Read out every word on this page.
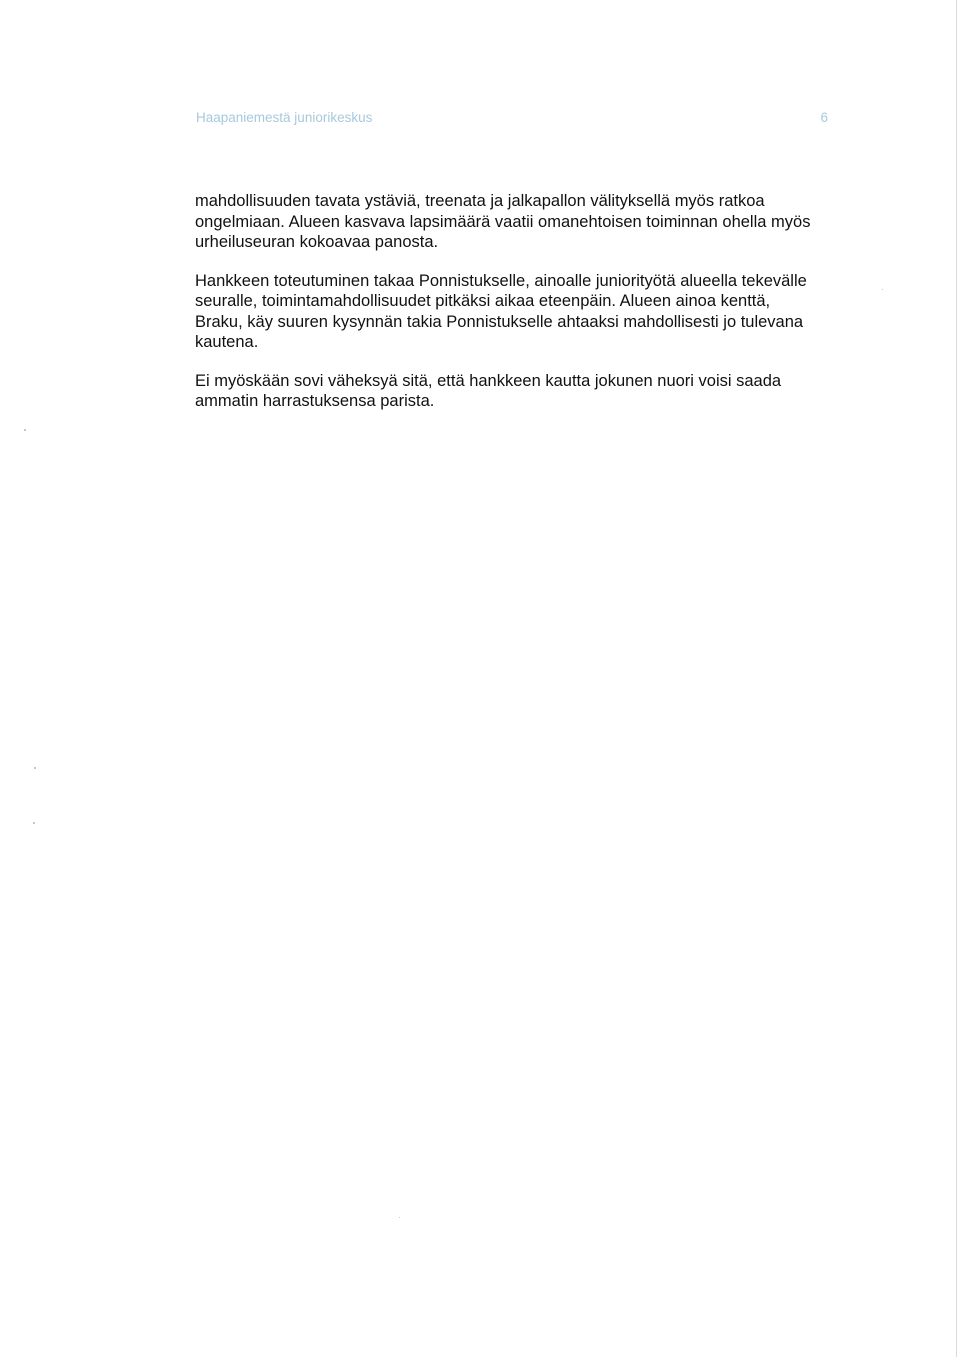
Haapaniemestä juniorikeskus	6

mahdollisuuden tavata ystäviä, treenata ja jalkapallon välityksellä myös ratkoa
ongelmiaan. Alueen kasvava lapsimäärä vaatii omanehtoisen toiminnan ohella myös
urheiluseuran kokoavaa panosta.

Hankkeen toteutuminen takaa Ponnistukselle, ainoalle juniorityötä alueella tekevälle
seuralle, toimintamahdollisuudet pitkäksi aikaa eteenpäin. Alueen ainoa kenttä,
Braku, käy suuren kysynnän takia Ponnistukselle ahtaaksi mahdollisesti jo tulevana
kautena.

Ei myöskään sovi väheksyä sitä, että hankkeen kautta jokunen nuori voisi saada
ammatin harrastuksensa parista.
